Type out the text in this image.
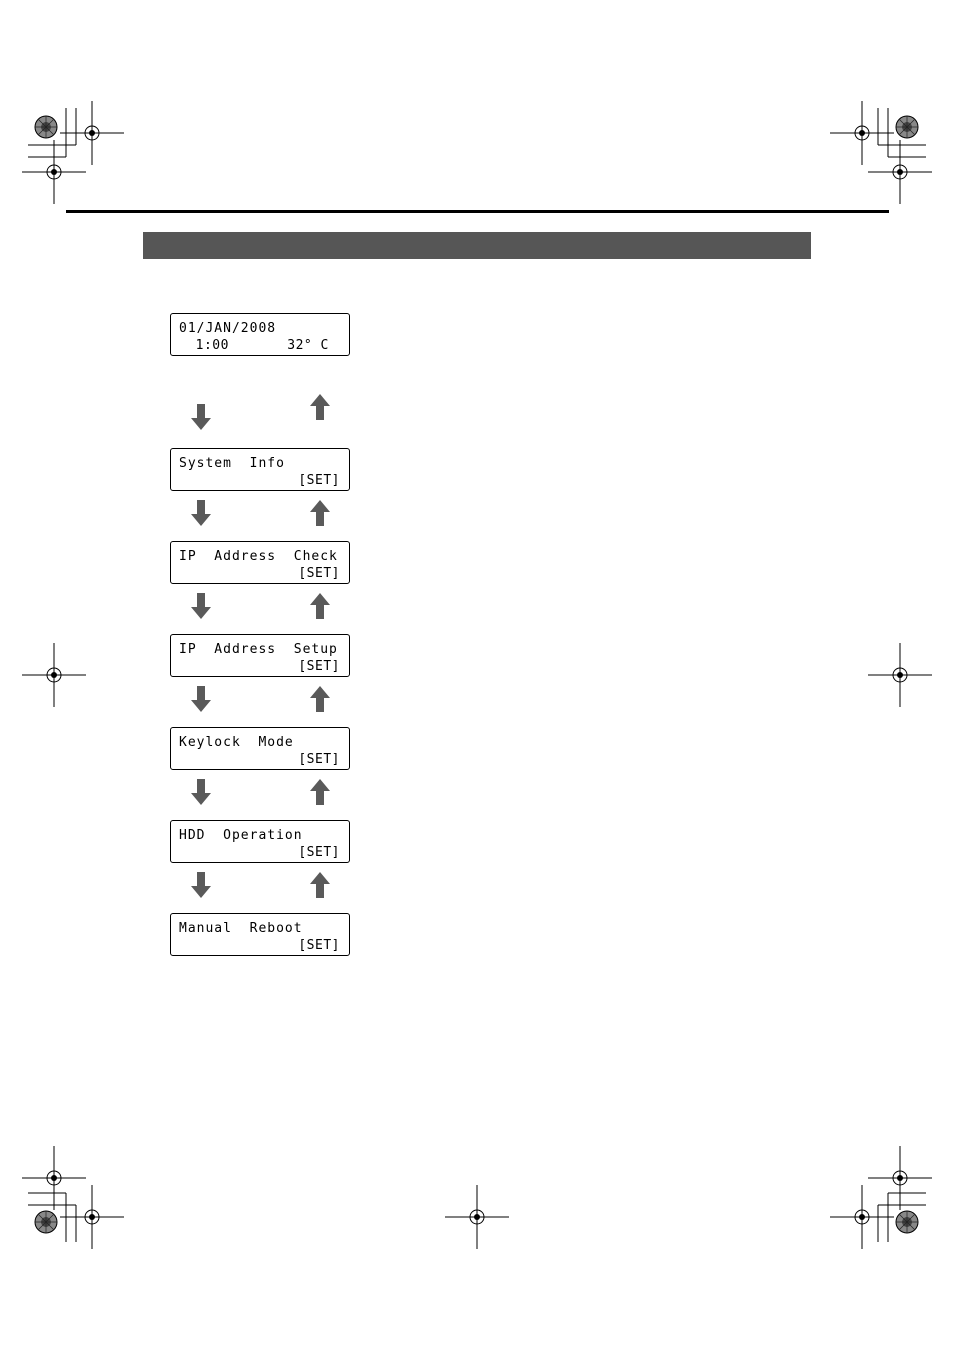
01/JAN/2008
1:00       32° C
System  Info
[SET]
IP  Address  Check
[SET]
IP  Address  Setup
[SET]
Keylock  Mode
[SET]
HDD  Operation
[SET]
Manual  Reboot
[SET]
